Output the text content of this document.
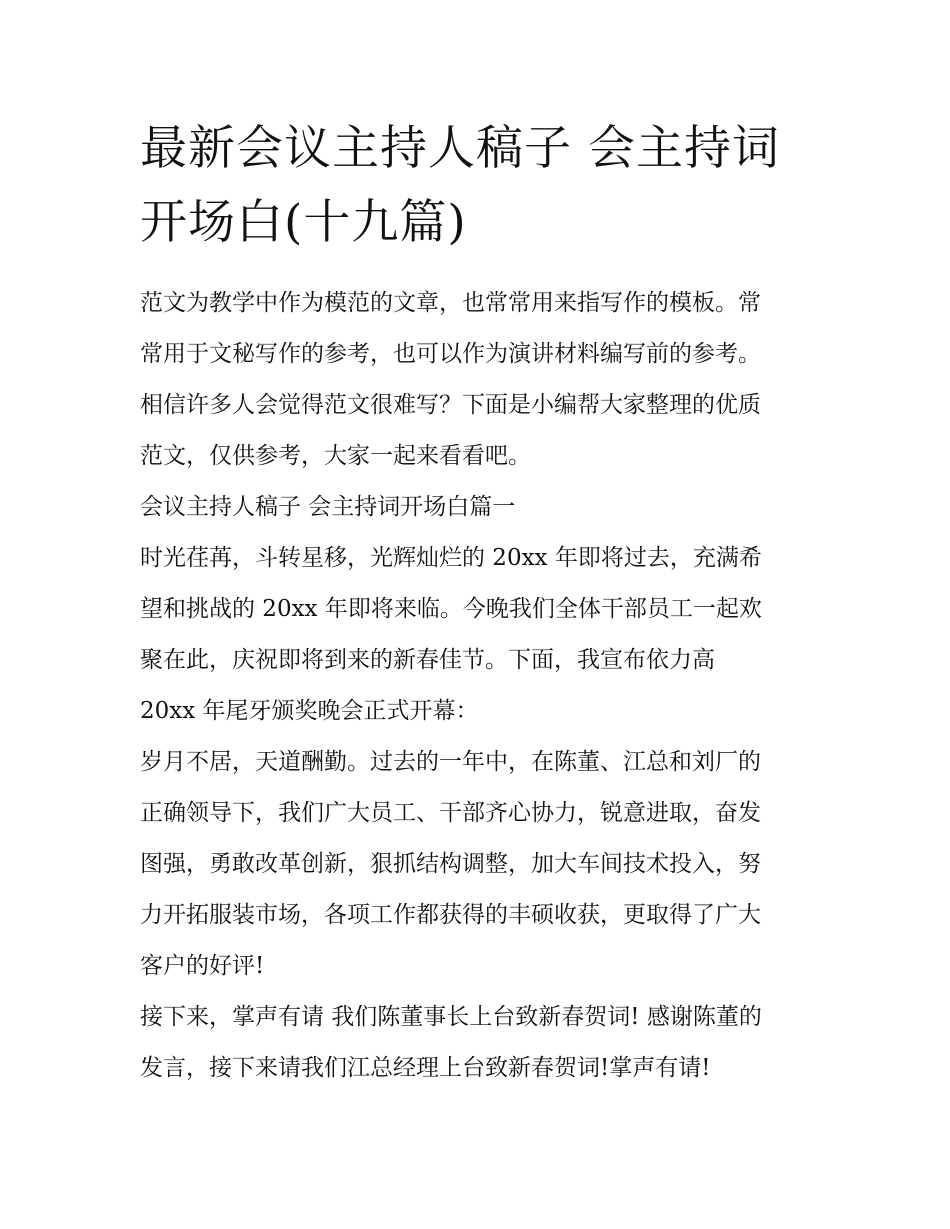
最新会议主持人稿子 会主持词
开场白(十九篇)
范文为教学中作为模范的文章，也常常用来指写作的模板。常
常用于文秘写作的参考，也可以作为演讲材料编写前的参考。
相信许多人会觉得范文很难写？下面是小编帮大家整理的优质
范文，仅供参考，大家一起来看看吧。
会议主持人稿子 会主持词开场白篇一
时光荏苒，斗转星移，光辉灿烂的 20xx 年即将过去，充满希
望和挑战的 20xx 年即将来临。今晚我们全体干部员工一起欢
聚在此，庆祝即将到来的新春佳节。下面，我宣布依力高
20xx 年尾牙颁奖晚会正式开幕：
岁月不居，天道酬勤。过去的一年中，在陈董、江总和刘厂的
正确领导下，我们广大员工、干部齐心协力，锐意进取，奋发
图强，勇敢改革创新，狠抓结构调整，加大车间技术投入，努
力开拓服装市场，各项工作都获得的丰硕收获，更取得了广大
客户的好评!
接下来，掌声有请 我们陈董事长上台致新春贺词! 感谢陈董的
发言，接下来请我们江总经理上台致新春贺词!掌声有请!
